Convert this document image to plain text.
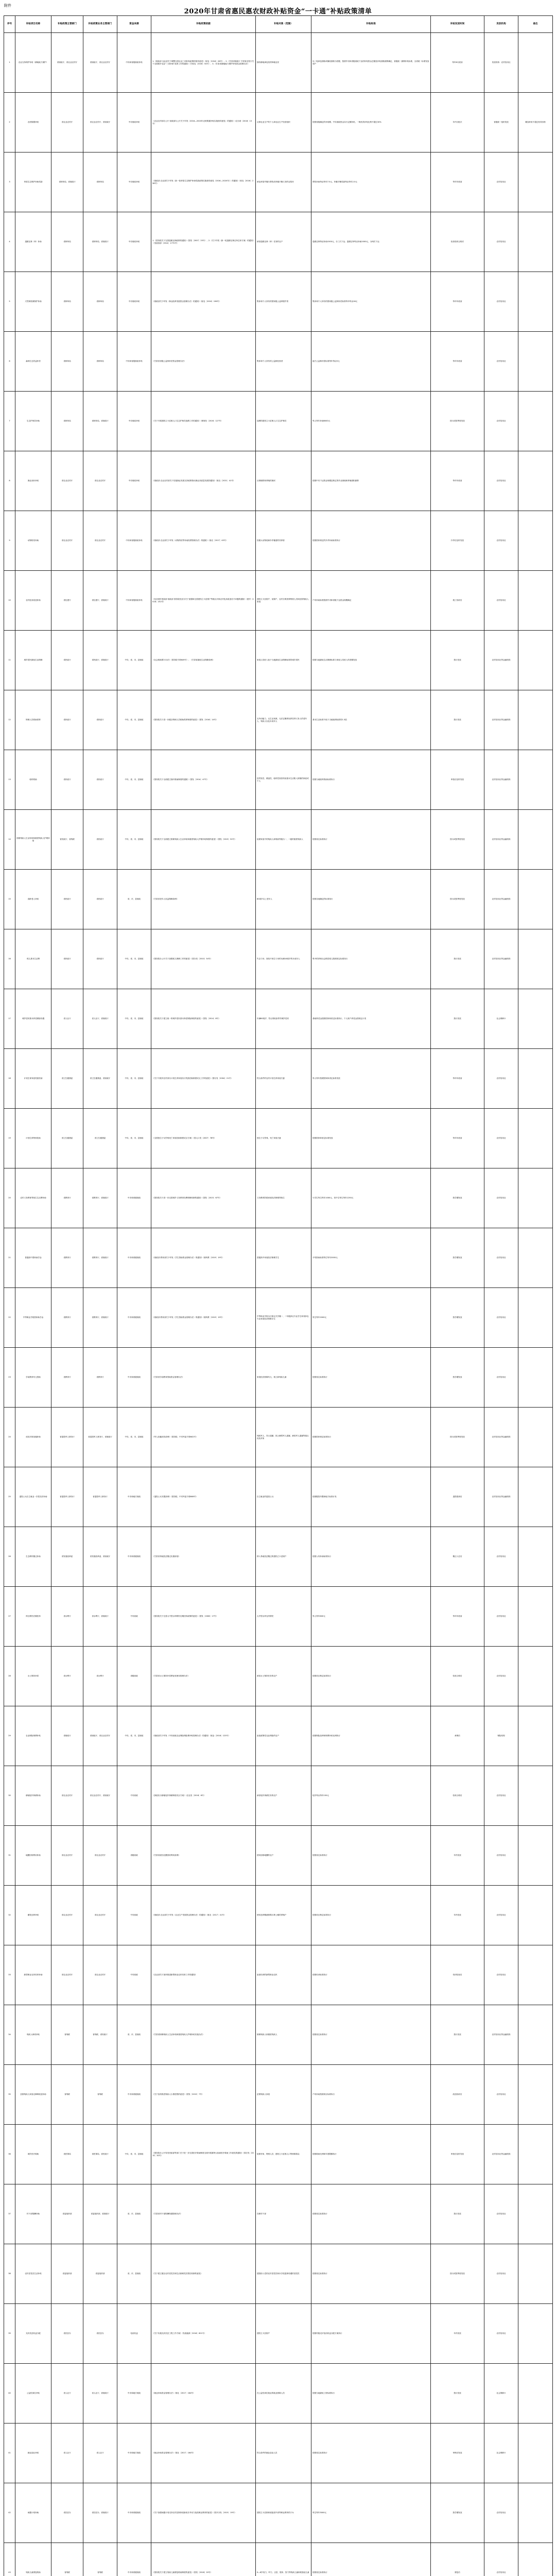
附件
2020年甘肃省惠民惠农财政补贴资金“一卡通”补贴政策清单
序号	补贴项目名称	补贴政策主管部门	补贴政策业务主管部门	资金来源	补贴政策依据	补贴对象（范围）	补贴标准	补贴发放时间	发放机构	备注
1	农业支持保护补贴（耕地地力保护）	省财政厅、省农业农村厅	省财政厅、省农业农村厅	中央和省级财政补贴	1.《财政部 农业部关于调整完善农业三项补贴政策的指导意见》（财农〔2016〕26号）；2.《甘肃省财政厅 甘肃省农牧厅关于全面推开农业“三项补贴”改革工作的通知》（甘财农〔2016〕54号）；3.《甘肃省耕地地力保护补贴资金管理办法》	拥有耕地承包权的种地农民	以二轮承包面积或确权面积为依据，按照中央和省级财政下达的补贴资金总额及补贴面积测算确定，省级统一测算补贴标准，全省统一标准发放到户	每年6月底前	发放机构：农村信用社	
2	农机购置补贴	省农业农村厅	省农业农村厅、省财政厅	中央财政补贴	《农业农村部办公厅 财政部办公厅关于印发〈2018—2020年农机购置补贴实施指导意见〉的通知》（农办财〔2018〕13号）	从事农业生产的个人和农业生产经营组织	按照省级确定的补贴额，中央财政资金实行定额补贴，一般机具补贴比例不超过30%	年内分批次	省级统一组织发放	累加补贴不超过机具价格
3	草原生态保护补助奖励	省林草局、省财政厅	省林草局	中央财政补贴	《财政部 农业部关于印发〈新一轮草原生态保护补助奖励政策实施指导意见（2016—2020年）〉的通知》（财农〔2016〕258号）	承包草原并履行禁牧或草畜平衡义务的农牧民	禁牧补助每亩每年7.5元，草畜平衡奖励每亩每年2.5元	每年年底前	农村信用社	
4	退耕还林（草）补助	省林草局	省林草局、省财政厅	中央财政补贴	1.《国务院关于完善退耕还林政策的通知》（国发〔2007〕25号）；2.《关于印发〈新一轮退耕还林还草总体方案〉的通知》（发改西部〔2014〕1772号）	承担退耕还林（草）任务的农户	退耕还林每亩补助1500元，分三次下达；退耕还草每亩补助1000元，分两次下达	检查验收合格后	农村信用社	
5	天然林资源保护补助	省林草局	省林草局	中央财政补贴	《财政部关于印发〈林业改革发展资金管理办法〉的通知》（财农〔2016〕196号）	集体和个人所有的国家级公益林管护者	集体和个人所有的国家级公益林补偿标准每年每亩16元	每年年底前	农村信用社	
6	森林生态效益补偿	省林草局	省林草局	中央和省级财政补贴	《甘肃省省级公益林补偿资金管理办法》	集体和个人所有的公益林经营者	地方公益林补偿标准每年每亩5元	每年年底前	农村信用社	
7	生态护林员补助	省林草局	省林草局、省财政厅	中央财政补贴	《关于开展建档立卡贫困人口生态护林员选聘工作的通知》（林规发〔2016〕127号）	选聘的建档立卡贫困人口生态护林员	每人每年补助8000元	按月或按季度发放	农村信用社	
8	渔业油价补贴	省农业农村厅	省农业农村厅	中央财政补贴	《财政部 农业农村部关于实施渔业发展支持政策推动渔业高质量发展的通知》（财农〔2021〕41号）	从事捕捞和养殖的渔民	按照中央下达资金规模及核定的作业渔船和养殖面积测算	每年年底前	农村信用社	
9	动物防疫补助	省农业农村厅	省农业农村厅	中央和省级财政补贴	《财政部 农业部关于印发〈动物防疫等补助经费管理办法〉的通知》（财农〔2017〕43号）	因重大动物疫病扑杀畜禽的饲养者	按照国家规定的扑杀补助标准执行	扑杀后及时发放	农村信用社	
10	农村危房改造补助	省住建厅	省住建厅、省财政厅	中央和省级财政补贴	《住房城乡建设部 财政部 国务院扶贫办关于加强和完善建档立卡贫困户等重点对象农村危房改造若干问题的通知》（建村〔2016〕251号）	建档立卡贫困户、低保户、农村分散供养特困人员和贫困残疾人家庭	户均补助标准按照中央和省级下达资金规模确定	竣工验收后	农村信用社	
11	城乡居民最低生活保障	省民政厅	省民政厅、省财政厅	中央、省、市、县财政	《社会救助暂行办法》（国务院令第649号）；《甘肃省最低生活保障条例》	家庭人均收入低于当地最低生活保障标准的城乡居民	按照当地最低生活保障标准与家庭人均收入的差额发放	按月发放	农村信用社等金融机构	
12	特困人员救助供养	省民政厅	省民政厅	中央、省、市、县财政	《国务院关于进一步健全特困人员救助供养制度的意见》（国发〔2016〕14号）	无劳动能力、无生活来源、无法定赡养抚养扶养义务人的老年人、残疾人以及未成年人	基本生活标准不低于当地低保标准的1.3倍	按月发放	农村信用社等金融机构	
13	临时救助	省民政厅	省民政厅	中央、省、市、县财政	《国务院关于全面建立临时救助制度的通知》（国发〔2014〕47号）	因突发性、紧迫性、临时性原因导致基本生活陷入困境的家庭或个人	按照当地临时救助标准执行	审批后及时发放	农村信用社等金融机构	
14	困难残疾人生活补贴和重度残疾人护理补贴	省民政厅、省残联	省民政厅	中央、省、市、县财政	《国务院关于全面建立困难残疾人生活补贴和重度残疾人护理补贴制度的意见》（国发〔2015〕52号）	低保家庭中的残疾人和残疾等级为一、二级的重度残疾人	按照省定标准执行	按月或按季度发放	农村信用社等金融机构	
15	高龄老人补贴	省民政厅	省民政厅	省、市、县财政	《甘肃省老年人权益保障条例》	80周岁以上老年人	按照各地确定的标准执行	按月或按季度发放	农村信用社等金融机构	
16	孤儿基本生活费	省民政厅	省民政厅	中央、省、市、县财政	《国务院办公厅关于加强孤儿保障工作的意见》（国办发〔2010〕54号）	失去父母、查找不到生父母的未满18周岁的未成年人	集中供养和社会散居孤儿按照省定标准执行	按月发放	农村信用社等金融机构	
17	城乡居民基本养老保险待遇	省人社厅	省人社厅、省财政厅	中央、省、市、县财政	《国务院关于建立统一的城乡居民基本养老保险制度的意见》（国发〔2014〕8号）	年满60周岁、符合领取条件的城乡居民	基础养老金按照国家和省定标准执行，个人账户养老金按规定计发	按月发放	社会保障卡	
18	计划生育家庭奖励扶助	省卫生健康委	省卫生健康委、省财政厅	中央、省、市、县财政	《关于开展对农村部分计划生育家庭实行奖励扶助制度试点工作的意见》（国办发〔2004〕21号）	符合条件的农村计划生育家庭夫妻	每人每年按照国家和省定标准发放	每年年底前	农村信用社	
19	计划生育特别扶助	省卫生健康委	省卫生健康委	中央、省、市、县财政	《全国独生子女伤残死亡家庭扶助制度试点方案》（国人口发〔2007〕78号）	独生子女伤残、死亡家庭夫妻	按照国家和省定标准发放	每年年底前	农村信用社	
20	农村义务教育寄宿生生活费补助	省教育厅	省教育厅、省财政厅	中央和省级财政	《国务院关于进一步完善城乡义务教育经费保障机制的通知》（国发〔2015〕67号）	义务教育阶段家庭经济困难寄宿生	小学生每生每年1000元，初中生每生每年1250元	按学期发放	农村信用社	
21	普通高中国家助学金	省教育厅	省教育厅、省财政厅	中央和省级财政	《财政部 教育部关于印发〈学生资助资金管理办法〉的通知》（财科教〔2019〕19号）	普通高中家庭经济困难学生	平均资助标准每生每年2000元	按学期发放	农村信用社	
22	中等职业学校国家助学金	省教育厅	省教育厅、省财政厅	中央和省级财政	《财政部 教育部关于印发〈学生资助资金管理办法〉的通知》（财科教〔2019〕19号）	中等职业学校全日制正式学籍一、二年级涉农专业学生和非涉农专业家庭经济困难学生	每生每年2000元	按学期发放	农村信用社	
23	学前教育幼儿资助	省教育厅	省教育厅	中央和省级财政	《甘肃省学前教育资助资金管理办法》	家庭经济困难幼儿、孤儿和残疾儿童	按照省定标准执行	按学期发放	农村信用社	
24	优抚对象抚恤补助	省退役军人事务厅	省退役军人事务厅、省财政厅	中央、省、市、县财政	《军人抚恤优待条例》（国务院、中央军委令第602号）	残疾军人、烈士遗属、因公牺牲军人遗属、病故军人遗属等重点优抚对象	按照国家规定标准执行	按月或按季度发放	农村信用社等金融机构	
25	退役士兵自主就业一次性经济补助	省退役军人事务厅	省退役军人事务厅	中央和地方财政	《退役士兵安置条例》（国务院、中央军委令第608号）	自主就业的退役士兵	按照服役年限和地方标准计发	退役报到后	农村信用社等金融机构	
26	生态移民搬迁补助	省发展改革委	省发展改革委、省财政厅	中央和省级财政	《甘肃省易地扶贫搬迁实施规划》	纳入易地扶贫搬迁的建档立卡贫困户	按照人均补助标准执行	搬迁入住后	农村信用社	
27	库区移民后期扶持	省水利厅	省水利厅、省财政厅	中央财政	《国务院关于完善大中型水库移民后期扶持政策的意见》（国发〔2006〕17号）	大中型水库农村移民	每人每年600元	每年年底前	农村信用社	
28	水土保持补偿	省水利厅	省水利厅	省级财政	《甘肃省水土保持补偿费征收使用管理办法》	承担水土保持任务的农户	按照项目核定标准执行	验收合格后	农村信用社	
29	农业保险保费补贴	省财政厅	省财政厅、省农业农村厅	中央、省、市、县财政	《财政部关于印发〈中央财政农业保险保险费补贴管理办法〉的通知》（财金〔2016〕123号）	参加政策性农业保险的农户	按照保险品种和保费补贴比例执行	承保后	保险机构	
30	耕地轮作休耕补助	省农业农村厅	省农业农村厅、省财政厅	中央财政	《探索实行耕地轮作休耕制度试点方案》（农农发〔2016〕6号）	承担轮作休耕任务的农户	轮作每亩每年150元	验收合格后	农村信用社	
31	地膜回收利用补助	省农业农村厅	省农业农村厅	省级财政	《甘肃省废旧农膜回收利用条例》	使用加厚地膜的农户	按照省定标准执行	年内发放	农村信用社	
32	畜牧良种补贴	省农业农村厅	省农业农村厅	中央财政	《财政部 农业部关于印发〈农业生产发展资金管理办法〉的通知》（财农〔2017〕41号）	使用良种精液和购买种公畜的养殖户	按照项目核定标准执行	年内发放	农村信用社	
33	新型职业农民培育补助	省农业农村厅	省农业农村厅	中央财政	《农业部关于加快推进新型职业农民培育工作的通知》	参加培训的新型职业农民	按照培训标准执行	培训结束后	农村信用社	
34	残疾人两项补贴	省残联	省残联、省民政厅	省、市、县财政	《甘肃省困难残疾人生活补贴和重度残疾人护理补贴实施办法》	困难残疾人和重度残疾人	按照省定标准执行	按月发放	农村信用社等金融机构	
35	贫困残疾人家庭无障碍改造补助	省残联	省残联	中央和省级财政	《关于加快推进残疾人小康进程的意见》（国发〔2015〕7号）	贫困残疾人家庭	户均补助按照项目标准执行	改造验收后	农村信用社	
36	城乡医疗救助	省医保局	省医保局、省民政厅	中央、省、市、县财政	《国务院办公厅转发民政部等部门关于进一步完善医疗救助制度全面开展重特大疾病医疗救助工作意见的通知》（国办发〔2015〕30号）	低保对象、特困人员、建档立卡贫困人口等困难群众	按照救助比例和年度限额执行	审批后及时发放	农村信用社等金融机构	
37	村干部报酬补助	省委组织部	省委组织部、省财政厅	省、市、县财政	《甘肃省村干部报酬待遇管理办法》	在职村干部	按照省定标准执行	按月发放	农村信用社	
38	农村老党员生活补贴	省委组织部	省委组织部	省、市、县财政	《关于建立健全农村老党员和生活困难党员帮扶机制的意见》	建国前入党的农村老党员和未享受退休待遇的老党员	按照省定标准执行	按月或按季度发放	农村信用社	
39	光伏扶贫收益分配	省扶贫办	省扶贫办	电站收益	《关于实施光伏扶贫工程工作方案》（发改能源〔2016〕621号）	建档立卡贫困户	按照村级光伏电站收益分配方案执行	年内发放	农村信用社	
40	公益性岗位补贴	省人社厅	省人社厅、省财政厅	中央和地方财政	《就业补助资金管理办法》（财社〔2017〕164号）	在公益性岗位就业的就业困难人员	按照当地最低工资标准执行	按月发放	社会保障卡	
41	就业创业补贴	省人社厅	省人社厅	中央和地方财政	《就业补助资金管理办法》（财社〔2017〕164号）	符合条件的就业创业人员	按照省定标准执行	审核后发放	社会保障卡	
42	雨露计划补助	省扶贫办	省扶贫办、省财政厅	中央和省级财政	《关于加强雨露计划支持农村贫困家庭新成长劳动力接受职业教育的意见》（国开办发〔2015〕19号）	建档立卡贫困家庭接受中高等职业教育的子女	每生每年3000元	按学期发放	农村信用社	
43	残疾儿童康复救助	省残联	省残联	中央和省级财政	《国务院关于建立残疾儿童康复救助制度的意见》（国发〔2018〕20号）	0—6岁视力、听力、言语、肢体、智力等残疾儿童和孤独症儿童	按照省定标准执行	康复后	农村信用社	
